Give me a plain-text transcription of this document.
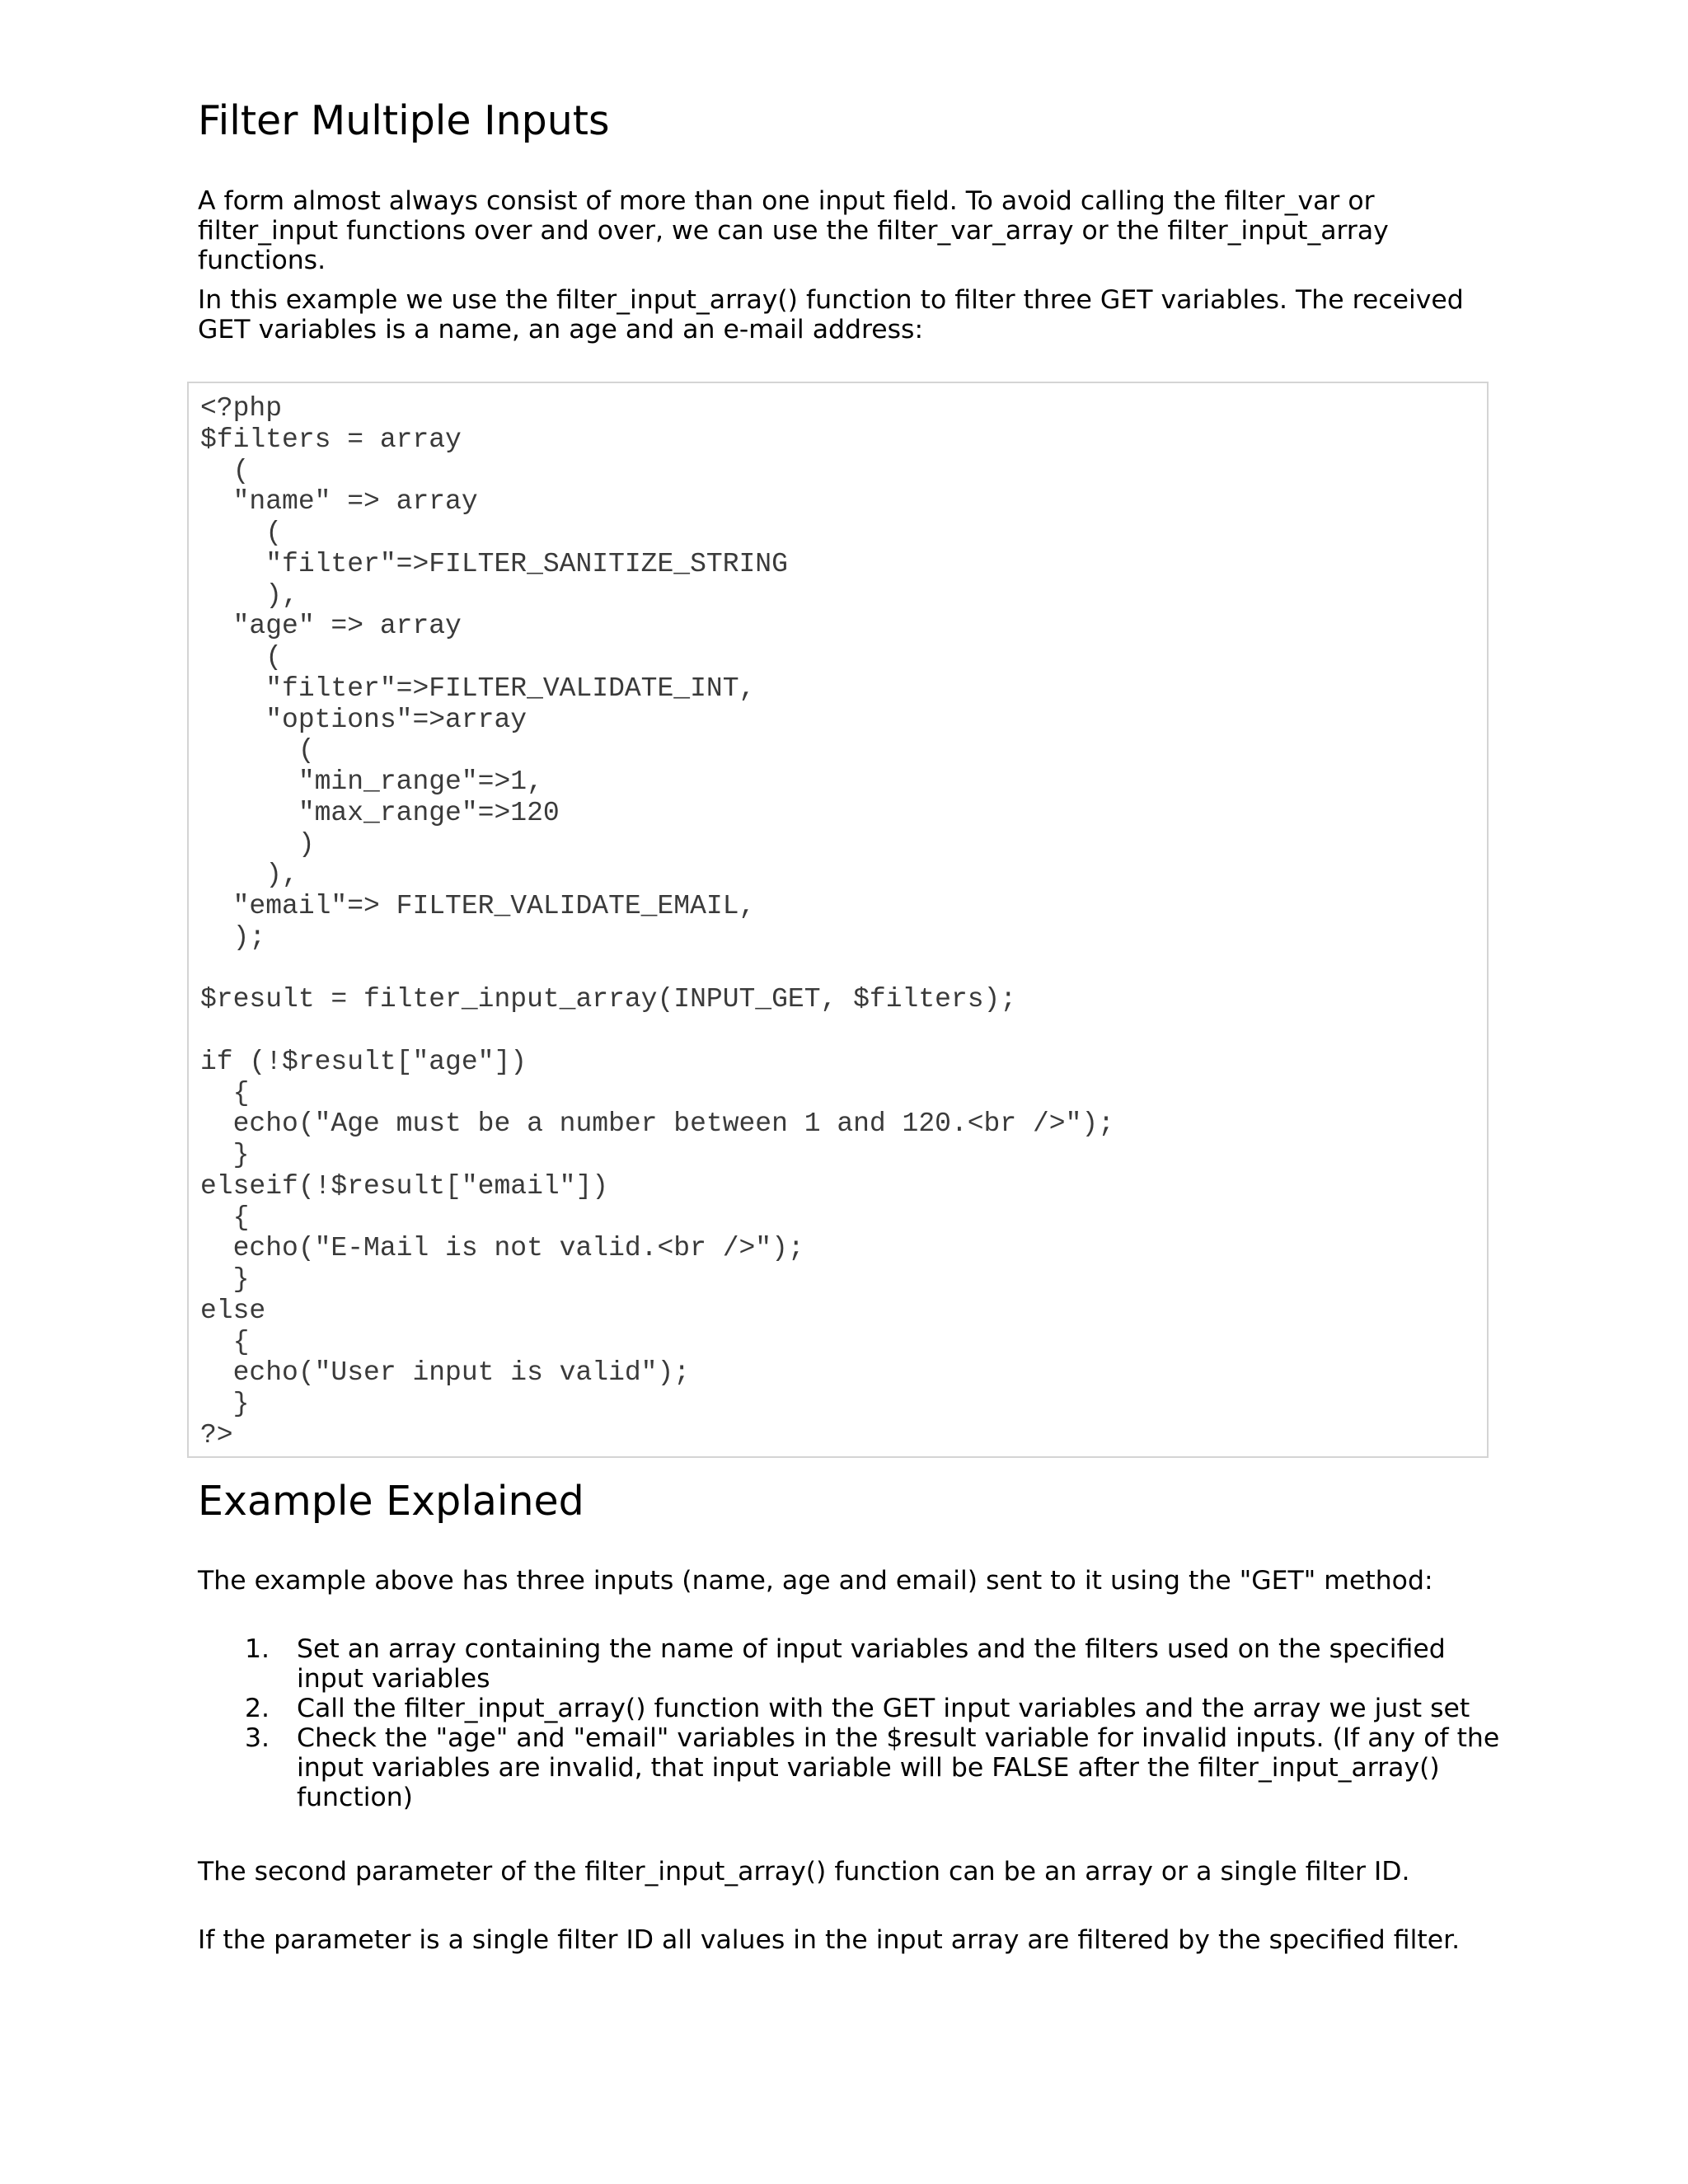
Filter Multiple Inputs

A form almost always consist of more than one input field. To avoid calling the filter_var or filter_input functions over and over, we can use the filter_var_array or the filter_input_array functions.

In this example we use the filter_input_array() function to filter three GET variables. The received GET variables is a name, an age and an e-mail address:

<?php
$filters = array
(
"name" => array
(
"filter"=>FILTER_SANITIZE_STRING
),
"age" => array
(
"filter"=>FILTER_VALIDATE_INT,
"options"=>array
(
"min_range"=>1,
"max_range"=>120
)
),
"email"=> FILTER_VALIDATE_EMAIL,
);

$result = filter_input_array(INPUT_GET, $filters);

if (!$result["age"])
{
echo("Age must be a number between 1 and 120.<br />");
}
elseif(!$result["email"])
{
echo("E-Mail is not valid.<br />");
}
else
{
echo("User input is valid");
}
?>
Example Explained

The example above has three inputs (name, age and email) sent to it using the "GET" method:

1. Set an array containing the name of input variables and the filters used on the specified input variables
2. Call the filter_input_array() function with the GET input variables and the array we just set
3. Check the "age" and "email" variables in the $result variable for invalid inputs. (If any of the input variables are invalid, that input variable will be FALSE after the filter_input_array() function)

The second parameter of the filter_input_array() function can be an array or a single filter ID.

If the parameter is a single filter ID all values in the input array are filtered by the specified filter.
